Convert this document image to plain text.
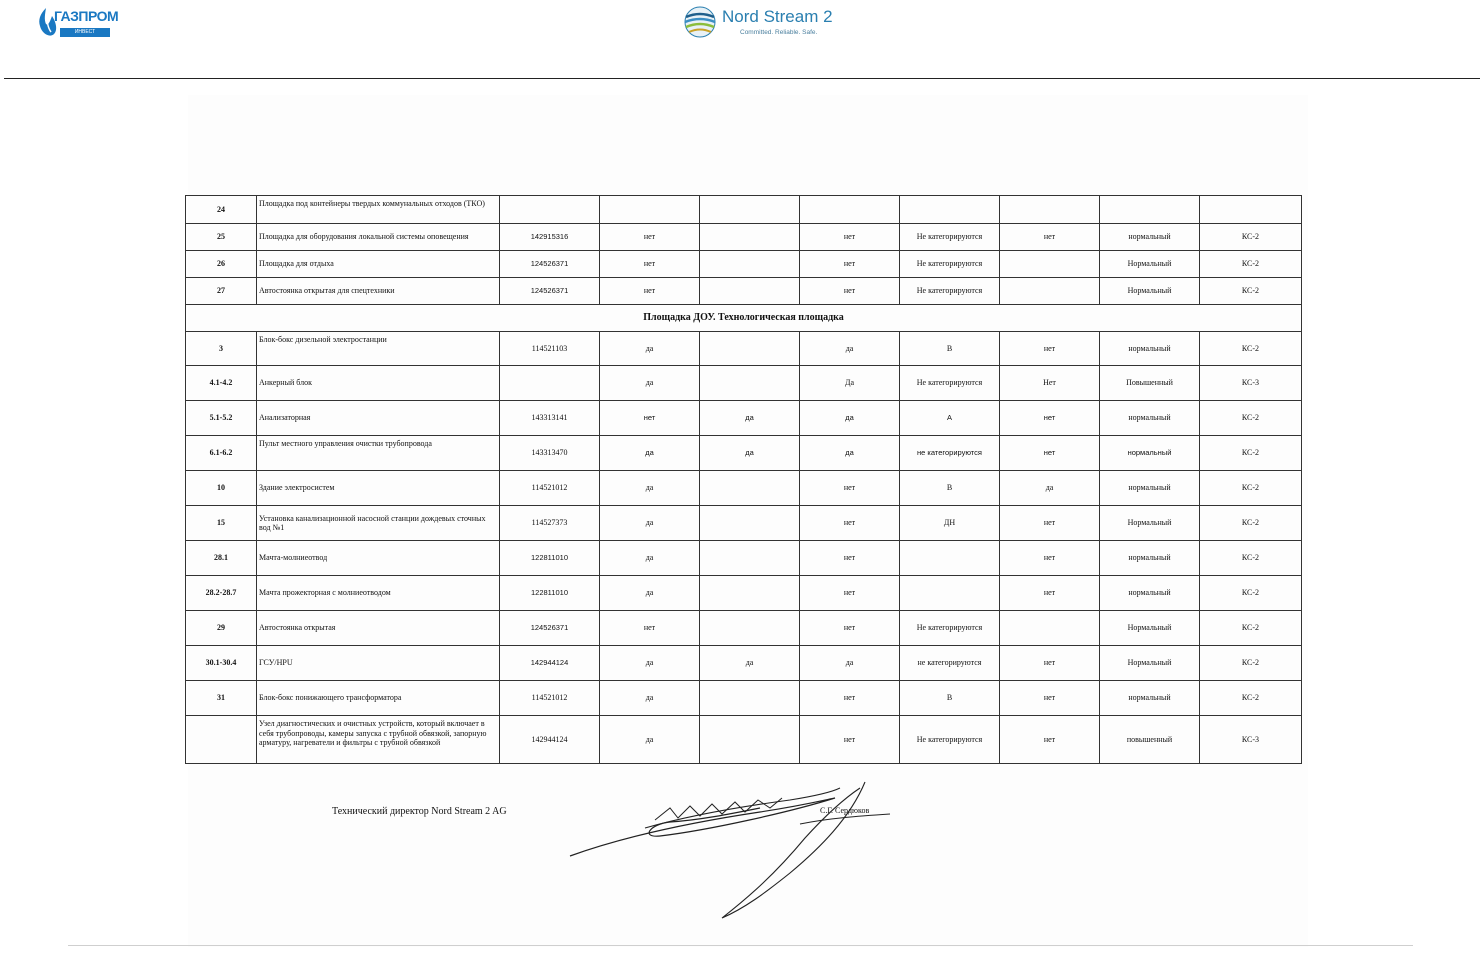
ГАЗПРОМ
ИНВЕСТ
Nord Stream 2
Committed. Reliable. Safe.
24	Площадка под контейнеры твердых коммунальных отходов (ТКО)								
25	Площадка для оборудования локальной системы оповещения	142915316	нет		нет	Не категорируются	нет	нормальный	КС-2
26	Площадка для отдыха	124526371	нет		нет	Не категорируются		Нормальный	КС-2
27	Автостоянка открытая для спецтехники	124526371	нет		нет	Не категорируются		Нормальный	КС-2
Площадка ДОУ. Технологическая площадка									
3	Блок-бокс дизельной электростанции	114521103	да		да	В	нет	нормальный	КС-2
4.1-4.2	Анкерный блок		да		Да	Не категорируются	Нет	Повышенный	КС-3
5.1-5.2	Анализаторная	143313141	нет	да	да	А	нет	нормальный	КС-2
6.1-6.2	Пульт местного управления очистки трубопровода	143313470	да	да	да	не категорируются	нет	нормальный	КС-2
10	Здание электросистем	114521012	да		нет	В	да	нормальный	КС-2
15	Установка канализационной насосной станции дождевых сточных вод №1	114527373	да		нет	ДН	нет	Нормальный	КС-2
28.1	Мачта-молниеотвод	122811010	да		нет		нет	нормальный	КС-2
28.2-28.7	Мачта прожекторная с молниеотводом	122811010	да		нет		нет	нормальный	КС-2
29	Автостоянка открытая	124526371	нет		нет	Не категорируются		Нормальный	КС-2
30.1-30.4	ГСУ/HPU	142944124	да	да	да	не категорируются	нет	Нормальный	КС-2
31	Блок-бокс понижающего трансформатора	114521012	да		нет	В	нет	нормальный	КС-2
	Узел диагностических и очистных устройств, который включает в себя трубопроводы, камеры запуска с трубной обвязкой, запорную арматуру, нагреватели и фильтры с трубной обвязкой	142944124	да		нет	Не категорируются	нет	повышенный	КС-3
Технический директор Nord Stream 2 AG	С.Г. Сердюков
